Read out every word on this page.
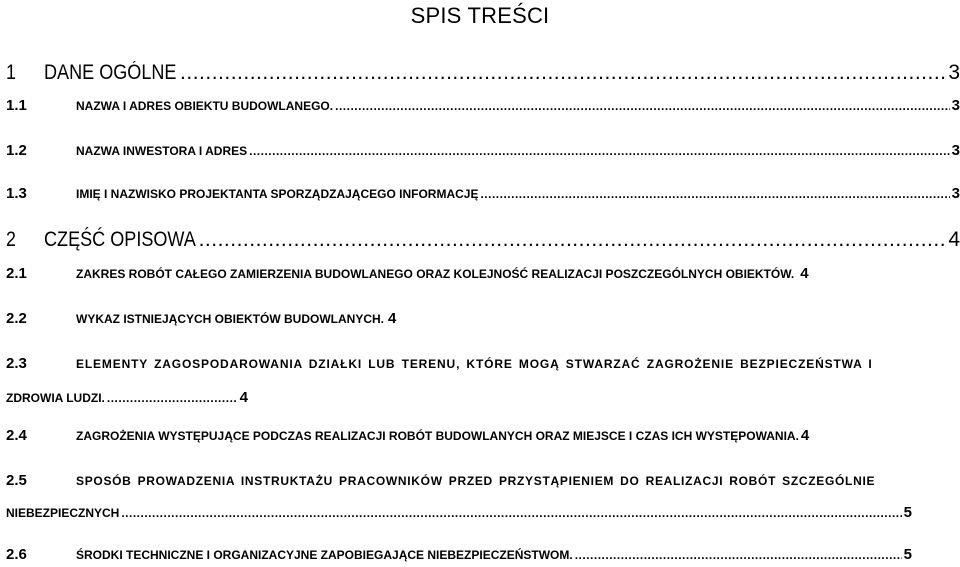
SPIS TREŚCI
1 DANE OGÓLNE .....	3
1.1	NAZWA I ADRES OBIEKTU BUDOWLANEGO. .....	3
1.2	NAZWA INWESTORA I ADRES .....	3
1.3	IMIĘ I NAZWISKO PROJEKTANTA SPORZĄDZAJĄCEGO INFORMACJĘ .....	3
2 CZĘŚĆ OPISOWA .....	4
2.1	ZAKRES ROBÓT CAŁEGO ZAMIERZENIA BUDOWLANEGO ORAZ KOLEJNOŚĆ REALIZACJI POSZCZEGÓLNYCH OBIEKTÓW. 4
2.2	WYKAZ ISTNIEJĄCYCH OBIEKTÓW BUDOWLANYCH. 4
2.3	ELEMENTY ZAGOSPODAROWANIA DZIAŁKI LUB TERENU, KTÓRE MOGĄ STWARZAĆ ZAGROŻENIE BEZPIECZEŃSTWA I
ZDROWIA LUDZI. .....	4
2.4	ZAGROŻENIA WYSTĘPUJĄCE PODCZAS REALIZACJI ROBÓT BUDOWLANYCH ORAZ MIEJSCE I CZAS ICH WYSTĘPOWANIA. 4
2.5	SPOSÓB PROWADZENIA INSTRUKTAŻU PRACOWNIKÓW PRZED PRZYSTĄPIENIEM DO REALIZACJI ROBÓT SZCZEGÓLNIE
NIEBEZPIECZNYCH .....	5
2.6	ŚRODKI TECHNICZNE I ORGANIZACYJNE ZAPOBIEGAJĄCE NIEBEZPIECZEŃSTWOM. .....	5
